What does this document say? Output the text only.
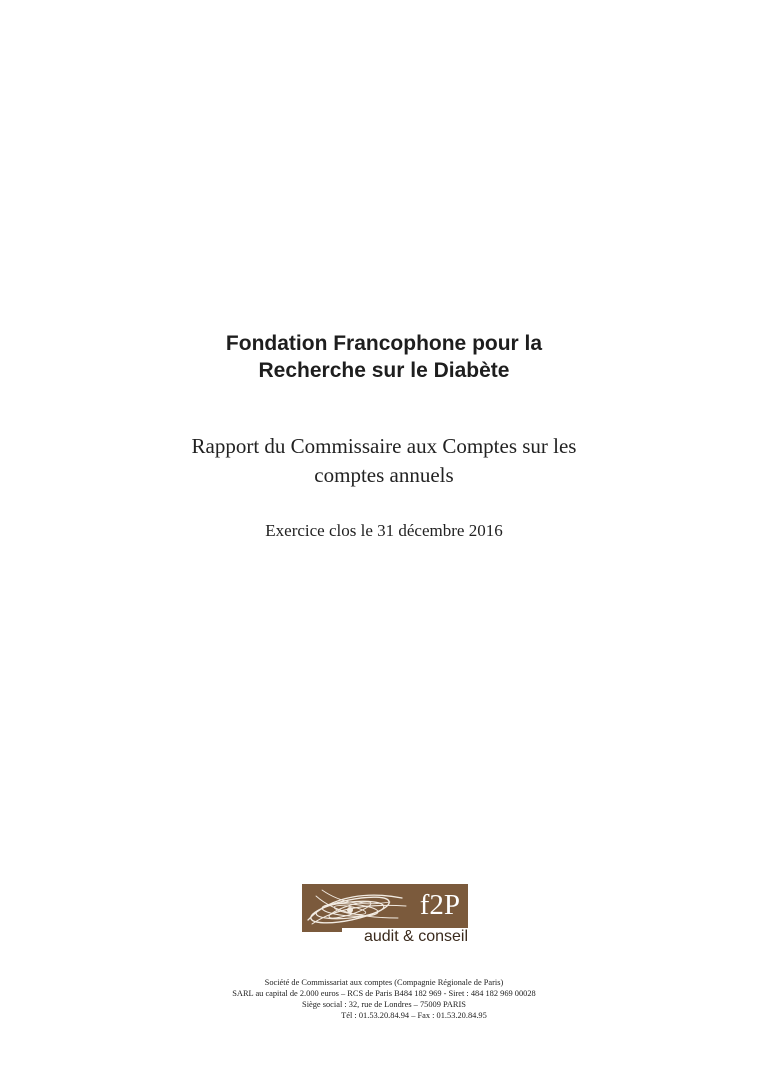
Fondation Francophone pour la
Recherche sur le Diabète
Rapport du Commissaire aux Comptes sur les
comptes annuels
Exercice clos le 31 décembre 2016
f2P
audit & conseil
Société de Commissariat aux comptes (Compagnie Régionale de Paris)
SARL au capital de 2.000 euros – RCS de Paris B484 182 969 - Siret : 484 182 969 00028
Siège social : 32, rue de Londres – 75009 PARIS
Tél : 01.53.20.84.94 – Fax : 01.53.20.84.95
